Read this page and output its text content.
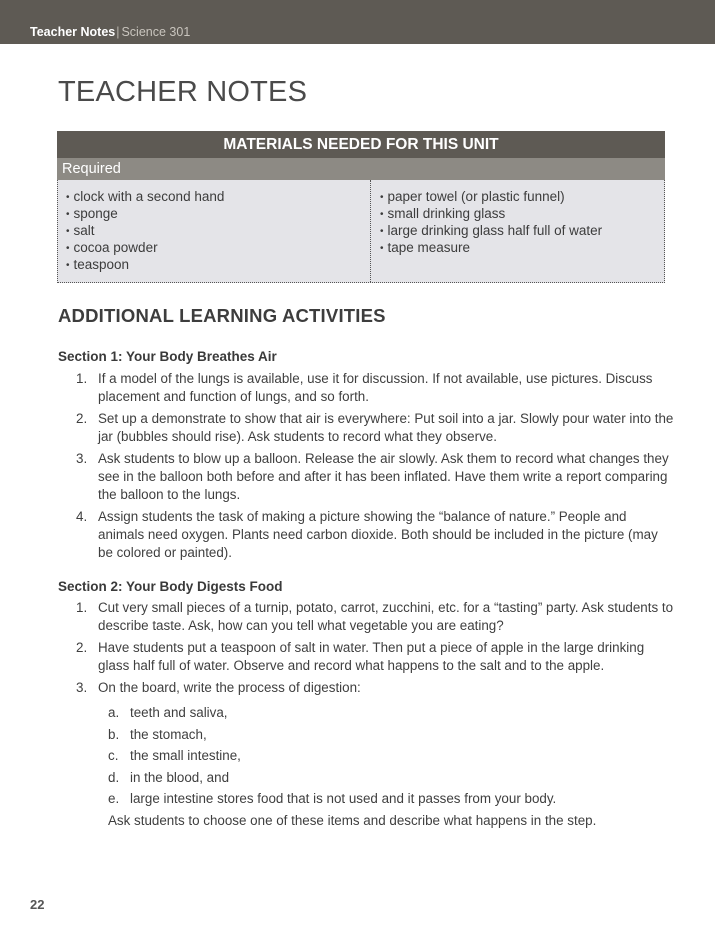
Teacher Notes| Science 301
TEACHER NOTES
MATERIALS NEEDED FOR THIS UNIT
Required
• clock with a second hand
• sponge
• salt
• cocoa powder
• teaspoon
• paper towel (or plastic funnel)
• small drinking glass
• large drinking glass half full of water
• tape measure
ADDITIONAL LEARNING ACTIVITIES
Section 1: Your Body Breathes Air
1. If a model of the lungs is available, use it for discussion. If not available, use pictures. Discuss placement and function of lungs, and so forth.
2. Set up a demonstrate to show that air is everywhere: Put soil into a jar. Slowly pour water into the jar (bubbles should rise). Ask students to record what they observe.
3. Ask students to blow up a balloon. Release the air slowly. Ask them to record what changes they see in the balloon both before and after it has been inflated. Have them write a report comparing the balloon to the lungs.
4. Assign students the task of making a picture showing the “balance of nature.” People and animals need oxygen. Plants need carbon dioxide. Both should be included in the picture (may be colored or painted).
Section 2: Your Body Digests Food
1. Cut very small pieces of a turnip, potato, carrot, zucchini, etc. for a “tasting” party. Ask students to describe taste. Ask, how can you tell what vegetable you are eating?
2. Have students put a teaspoon of salt in water. Then put a piece of apple in the large drinking glass half full of water. Observe and record what happens to the salt and to the apple.
3. On the board, write the process of digestion:
a. teeth and saliva,
b. the stomach,
c. the small intestine,
d. in the blood, and
e. large intestine stores food that is not used and it passes from your body.
Ask students to choose one of these items and describe what happens in the step.
22
